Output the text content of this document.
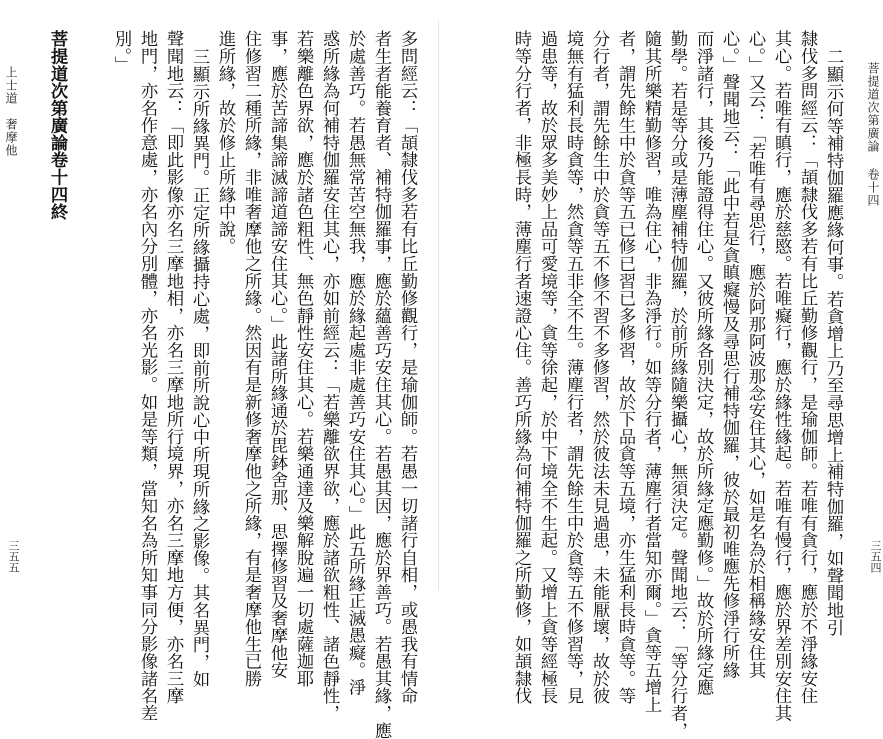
菩提道次第廣論 卷十四
三五四
二顯示何等補特伽羅應緣何事。若貪增上乃至尋思增上補特伽羅，如聲聞地引
隸伐多問經云：「頡隸伐多若有比丘勤修觀行，是瑜伽師。若唯有貪行，應於不淨緣安住
其心。若唯有瞋行，應於慈愍。若唯癡行，應於緣性緣起。若唯有慢行，應於界差別安住其
心。」又云：「若唯有尋思行，應於阿那阿波那念安住其心，如是名為於相稱緣安住其
心。」聲聞地云：「此中若是貪瞋癡慢及尋思行補特伽羅，彼於最初唯應先修淨行所緣
而淨諸行，其後乃能證得住心。又彼所緣各別決定，故於所緣定應勤修。」故於所緣定應
勤學。若是等分或是薄塵補特伽羅，於前所緣隨樂攝心，無須決定。聲聞地云：「等分行者，
隨其所樂精勤修習，唯為住心，非為淨行。如等分行者，薄塵行者當知亦爾。」貪等五增上
者，謂先餘生中於貪等五已修已習已多修習，故於下品貪等五境，亦生猛利長時貪等。等
分行者，謂先餘生中於貪等五不修不習不多修習，然於彼法未見過患，未能厭壞，故於彼
境無有猛利長時貪等，然貪等五非全不生。薄塵行者，謂先餘生中於貪等五不修習等，見
過患等，故於眾多美妙上品可愛境等，貪等徐起，於中下境全不生起。又增上貪等經極長
時等分行者，非極長時，薄塵行者速證心住。善巧所緣為何補特伽羅之所勤修，如頡隸伐
多問經云：「頡隸伐多若有比丘勤修觀行，是瑜伽師。若愚一切諸行自相，或愚我有情命
者生者能養育者、補特伽羅事，應於蘊善巧安住其心。若愚其因，應於界善巧。若愚其緣，應
於處善巧。若愚無常苦空無我，應於緣起處非處善巧安住其心。」此五所緣正滅愚癡。淨
惑所緣為何補特伽羅安住其心，亦如前經云：「若樂離欲界欲，應於諸欲粗性、諸色靜性，
若樂離色界欲，應於諸色粗性、無色靜性安住其心。若樂通達及樂解脫遍一切處薩迦耶
事，應於苦諦集諦滅諦道諦安住其心。」此諸所緣通於毘鉢舍那、思擇修習及奢摩他安
住修習二種所緣，非唯奢摩他之所緣。然因有是新修奢摩他之所緣，有是奢摩他生已勝
進所緣，故於修止所緣中說。
三顯示所緣異門。正定所緣攝持心處，即前所說心中所現所緣之影像。其名異門，如
聲聞地云：「即此影像亦名三摩地相，亦名三摩地所行境界，亦名三摩地方便，亦名三摩
地門，亦名作意處，亦名內分別體，亦名光影。如是等類，當知名為所知事同分影像諸名差
別。」
菩提道次第廣論卷十四終
上士道　奢摩他
三五五
